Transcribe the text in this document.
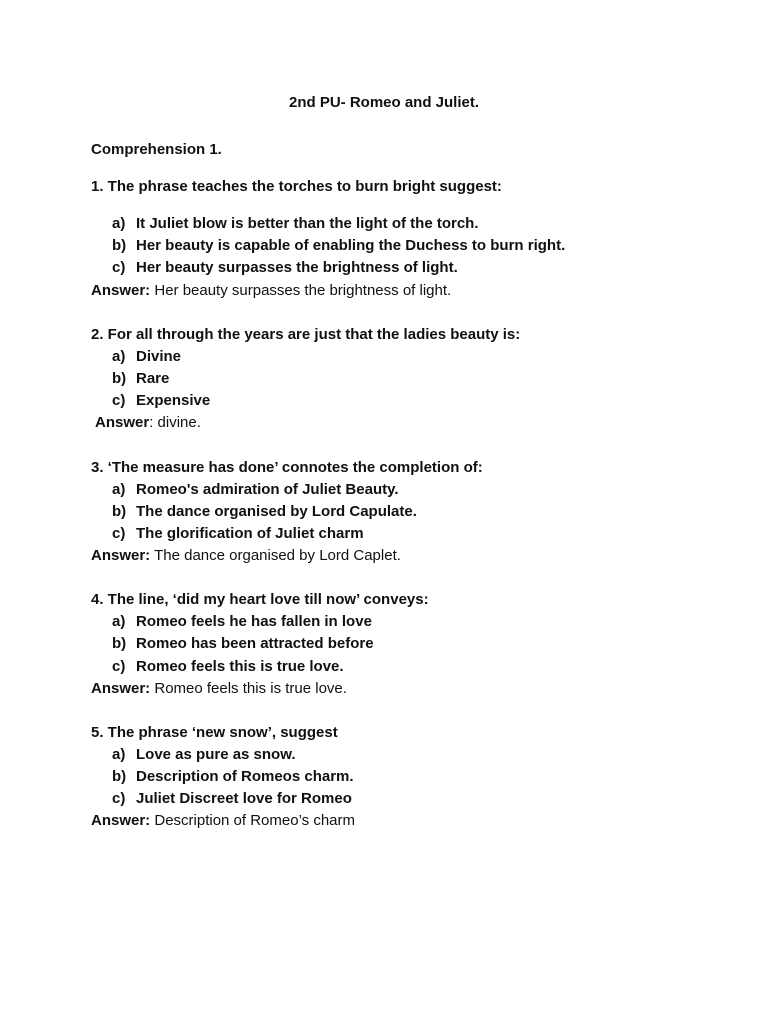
2nd PU- Romeo and Juliet.
Comprehension 1.
1. The phrase teaches the torches to burn bright suggest:
a) It Juliet blow is better than the light of the torch.
b) Her beauty is capable of enabling the Duchess to burn right.
c) Her beauty surpasses the brightness of light.
Answer: Her beauty surpasses the brightness of light.
2. For all through the years are just that the ladies beauty is:
a) Divine
b) Rare
c) Expensive
Answer: divine.
3. ‘The measure has done’ connotes the completion of:
a) Romeo's admiration of Juliet Beauty.
b) The dance organised by Lord Capulate.
c) The glorification of Juliet charm
Answer: The dance organised by Lord Caplet.
4. The line, ‘did my heart love till now’ conveys:
a) Romeo feels he has fallen in love
b) Romeo has been attracted before
c) Romeo feels this is true love.
Answer: Romeo feels this is true love.
5. The phrase ‘new snow’, suggest
a) Love as pure as snow.
b) Description of Romeos charm.
c) Juliet Discreet love for Romeo
Answer: Description of Romeo’s charm
